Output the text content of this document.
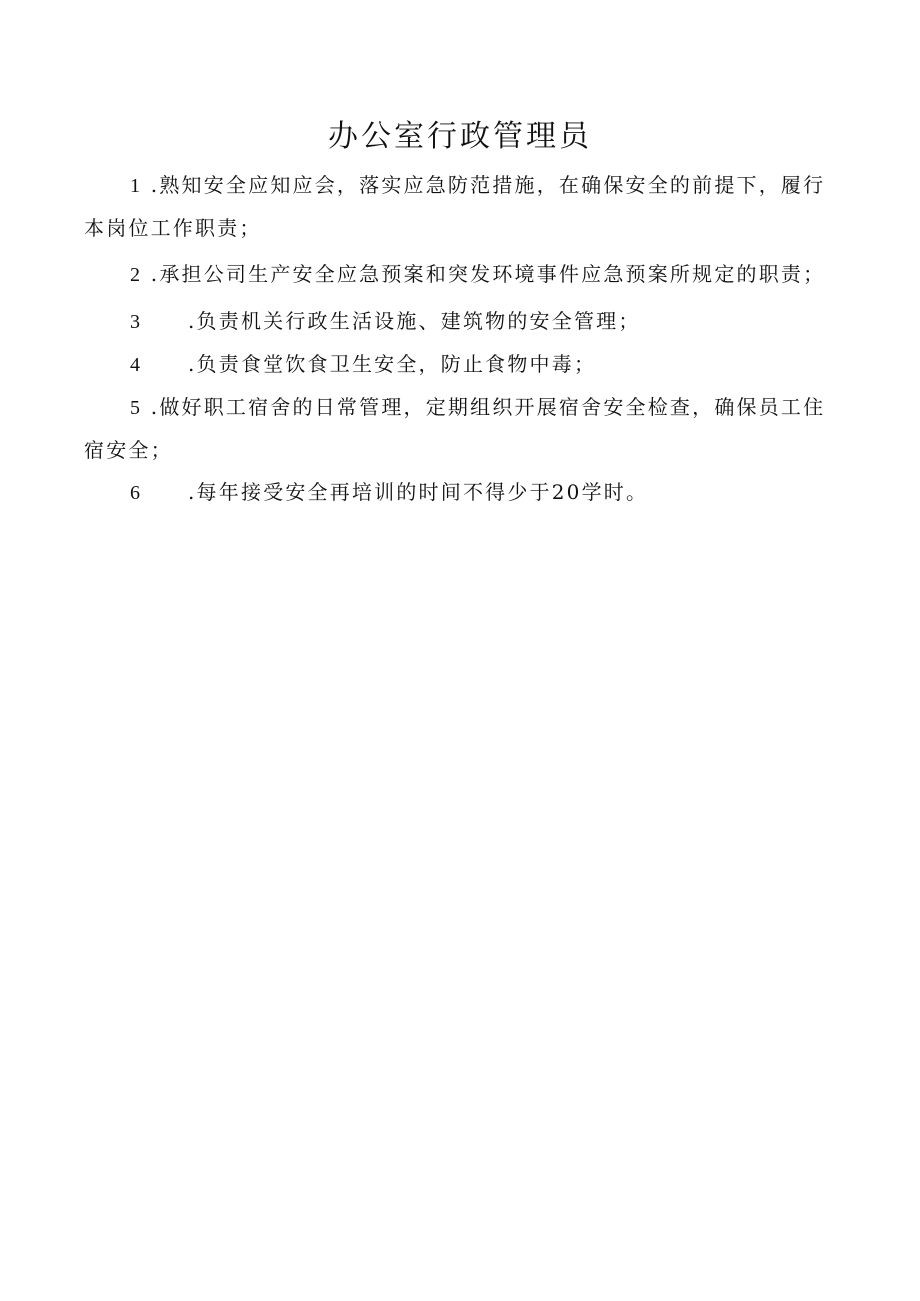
办公室行政管理员

1 .熟知安全应知应会，落实应急防范措施，在确保安全的前提下，履行本岗位工作职责；

2 .承担公司生产安全应急预案和突发环境事件应急预案所规定的职责；

3 .负责机关行政生活设施、建筑物的安全管理；

4 .负责食堂饮食卫生安全，防止食物中毒；

5 .做好职工宿舍的日常管理，定期组织开展宿舍安全检查，确保员工住宿安全；

6 .每年接受安全再培训的时间不得少于20学时。
